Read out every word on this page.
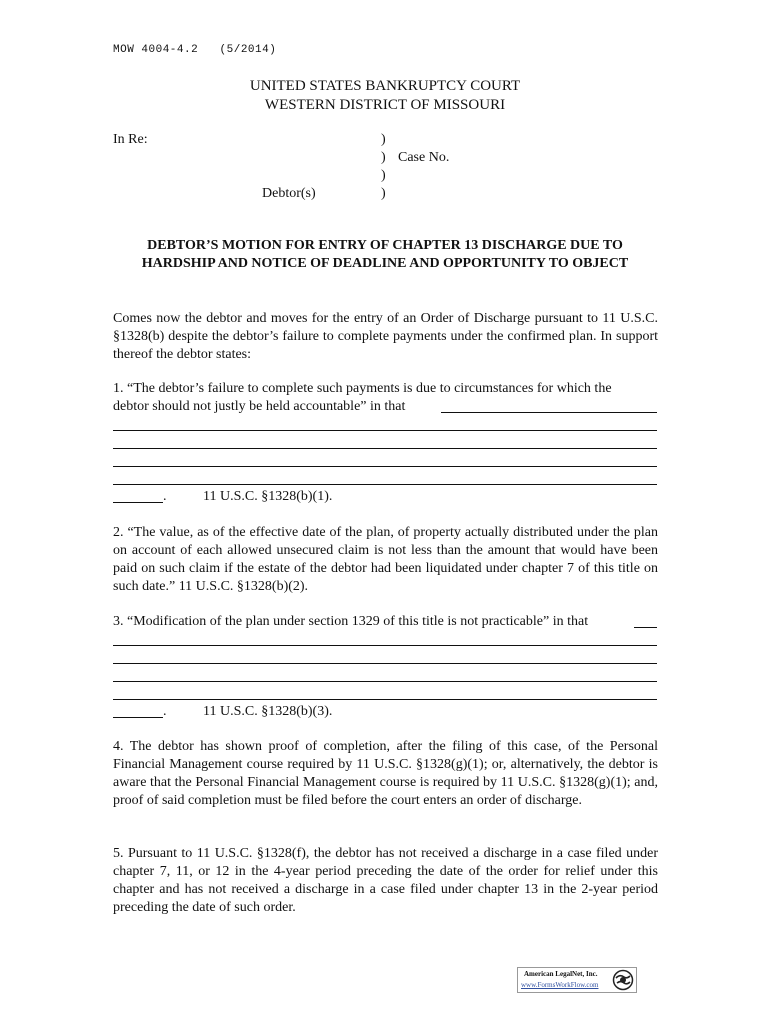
MOW 4004-4.2   (5/2014)
UNITED STATES BANKRUPTCY COURT
WESTERN DISTRICT OF MISSOURI
In Re:	)
) Case No.
)
Debtor(s)	)
DEBTOR’S MOTION FOR ENTRY OF CHAPTER 13 DISCHARGE DUE TO
HARDSHIP AND NOTICE OF DEADLINE AND OPPORTUNITY TO OBJECT
Comes now the debtor and moves for the entry of an Order of Discharge pursuant to 11 U.S.C. §1328(b) despite the debtor’s failure to complete payments under the confirmed plan. In support thereof the debtor states:
1. “The debtor’s failure to complete such payments is due to circumstances for which the
debtor should not justly be held accountable” in that
.	11 U.S.C. §1328(b)(1).
2. “The value, as of the effective date of the plan, of property actually distributed under the plan on account of each allowed unsecured claim is not less than the amount that would have been paid on such claim if the estate of the debtor had been liquidated under chapter 7 of this title on such date.” 11 U.S.C. §1328(b)(2).
3. “Modification of the plan under section 1329 of this title is not practicable” in that
.	11 U.S.C. §1328(b)(3).
4. The debtor has shown proof of completion, after the filing of this case, of the Personal Financial Management course required by 11 U.S.C. §1328(g)(1); or, alternatively, the debtor is aware that the Personal Financial Management course is required by 11 U.S.C. §1328(g)(1); and, proof of said completion must be filed before the court enters an order of discharge.
5. Pursuant to 11 U.S.C. §1328(f), the debtor has not received a discharge in a case filed under chapter 7, 11, or 12 in the 4-year period preceding the date of the order for relief under this chapter and has not received a discharge in a case filed under chapter 13 in the 2-year period preceding the date of such order.
American LegalNet, Inc.
www.FormsWorkFlow.com
